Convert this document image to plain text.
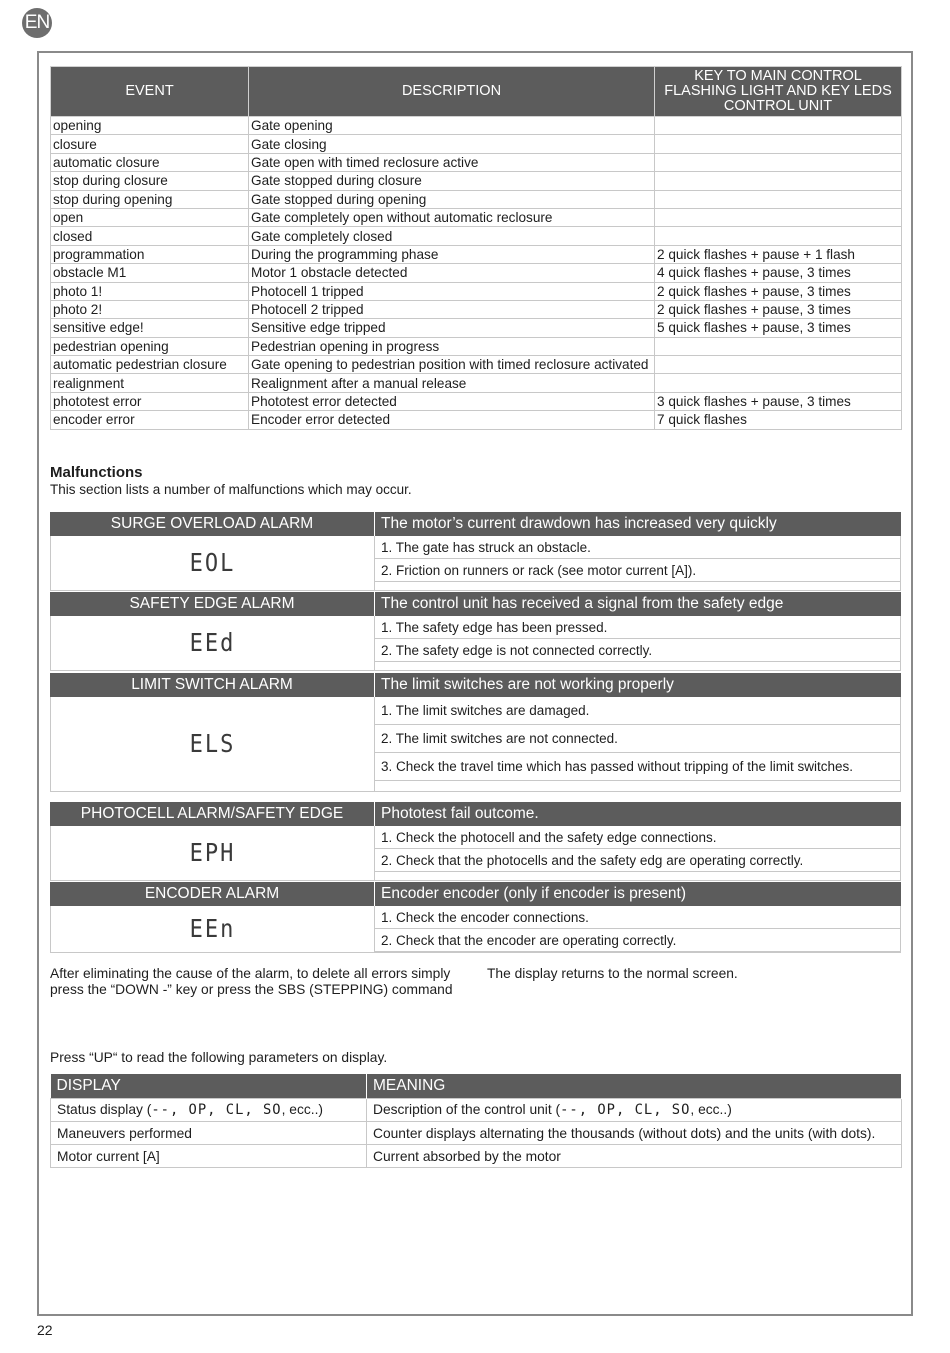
EN
EVENT	DESCRIPTION	KEY TO MAIN CONTROL FLASHING LIGHT AND KEY LEDS CONTROL UNIT
opening	Gate opening	
closure	Gate closing	
automatic closure	Gate open with timed reclosure active	
stop during closure	Gate stopped during closure	
stop during opening	Gate stopped during opening	
open	Gate completely open without automatic reclosure	
closed	Gate completely closed	
programmation	During the programming phase	2 quick flashes + pause + 1 flash
obstacle M1	Motor 1 obstacle detected	4 quick flashes + pause, 3 times
photo 1!	Photocell 1 tripped	2 quick flashes + pause, 3 times
photo 2!	Photocell 2 tripped	2 quick flashes + pause, 3 times
sensitive edge!	Sensitive edge tripped	5 quick flashes + pause, 3 times
pedestrian opening	Pedestrian opening in progress	
automatic pedestrian closure	Gate opening to pedestrian position with timed reclosure activated	
realignment	Realignment after a manual release	
phototest error	Phototest error detected	3 quick flashes + pause, 3 times
encoder error	Encoder error detected	7 quick flashes
Malfunctions
This section lists a number of malfunctions which may occur.
SURGE OVERLOAD ALARM	The motor’s current drawdown has increased very quickly
EOL
1. The gate has struck an obstacle.
2. Friction on runners or rack (see motor current [A]).
SAFETY EDGE ALARM	The control unit has received a signal from the safety edge
EEd
1. The safety edge has been pressed.
2. The safety edge is not connected correctly.
LIMIT SWITCH ALARM	The limit switches are not working properly
ELS
1. The limit switches are damaged.
2. The limit switches are not connected.
3. Check the travel time which has passed without tripping of the limit switches.
PHOTOCELL ALARM/SAFETY EDGE	Phototest fail outcome.
EPH
1. Check the photocell and the safety edge connections.
2. Check that the photocells and the safety edg are operating correctly.
ENCODER ALARM	Encoder encoder (only if encoder is present)
EEn	1. Check the encoder connections.
2. Check that the encoder are operating correctly.
After eliminating the cause of the alarm, to delete all errors simply press the “DOWN -” key or press the SBS (STEPPING) command
The display returns to the normal screen.
Press “UP“ to read the following parameters on display.
DISPLAY	MEANING
Status display (--, OP, CL, SO, ecc..)	Description of the control unit (--, OP, CL, SO, ecc..)
Maneuvers performed	Counter displays alternating the thousands (without dots) and the units (with dots).
Motor current [A]	Current absorbed by the motor
22
